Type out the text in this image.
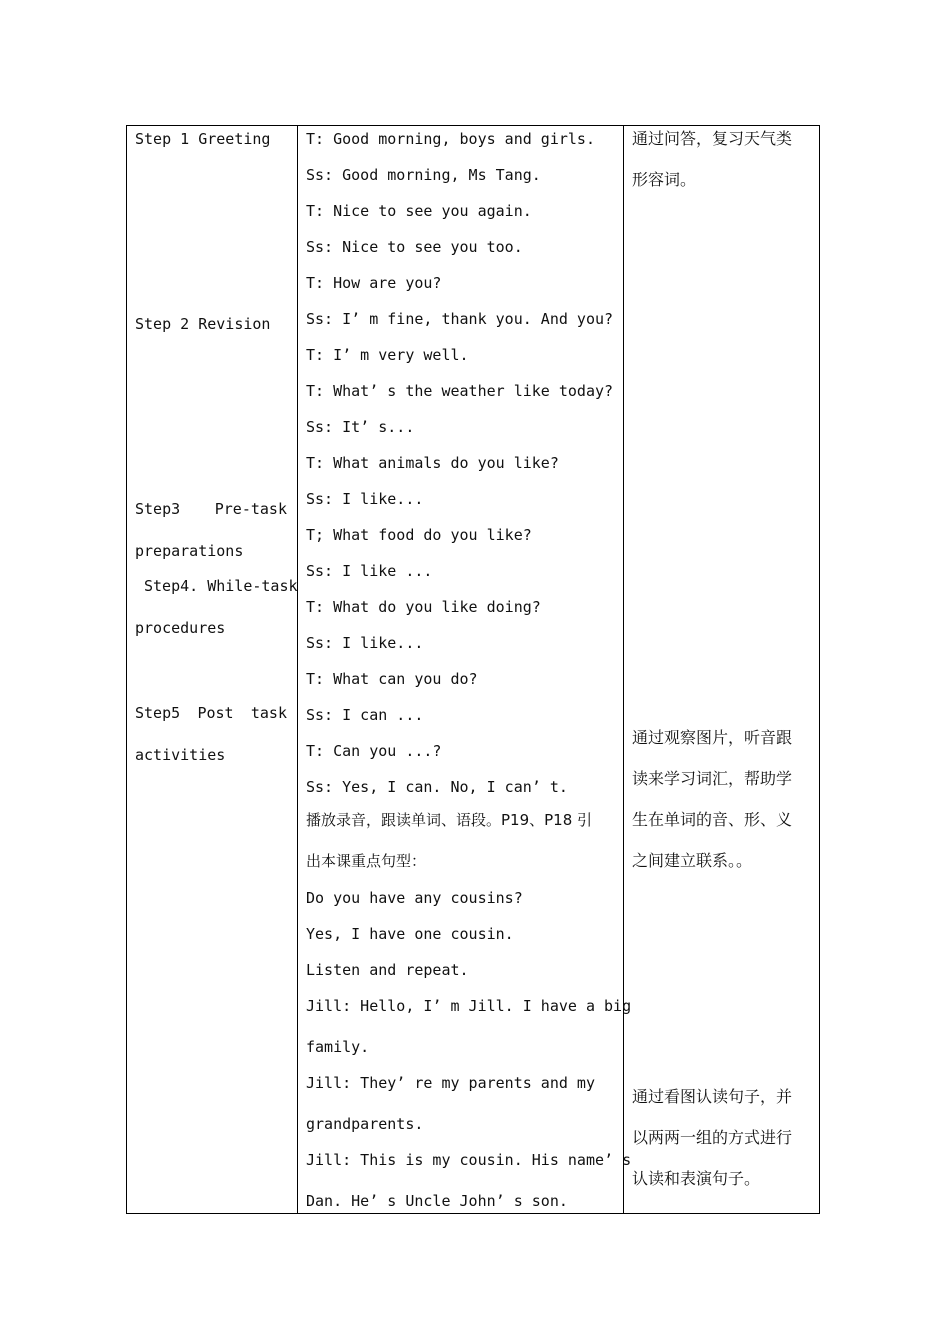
Step 1 Greeting
Step 2 Revision
Step3 Pre-task
preparations
Step4. While-task
procedures
Step5 Post task
activities

T: Good morning, boys and girls.
Ss: Good morning, Ms Tang.
T: Nice to see you again.
Ss: Nice to see you too.
T: How are you?
Ss: I’ m fine, thank you. And you?
T: I’ m very well.
T: What’ s the weather like today?
Ss: It’ s...
T: What animals do you like?
Ss: I like...
T; What food do you like?
Ss: I like ...
T: What do you like doing?
Ss: I like...
T: What can you do?
Ss: I can ...
T: Can you ...?
Ss: Yes, I can. No, I can’ t.
播放录音，跟读单词、语段。P19、P18 引
出本课重点句型：
Do you have any cousins?
Yes, I have one cousin.
Listen and repeat.
Jill: Hello, I’ m Jill. I have a big
family.
Jill: They’ re my parents and my
grandparents.
Jill: This is my cousin. His name’ s
Dan. He’ s Uncle John’ s son.

通过问答，复习天气类
形容词。
通过观察图片，听音跟
读来学习词汇，帮助学
生在单词的音、形、义
之间建立联系。。
通过看图认读句子，并
以两两一组的方式进行
认读和表演句子。
